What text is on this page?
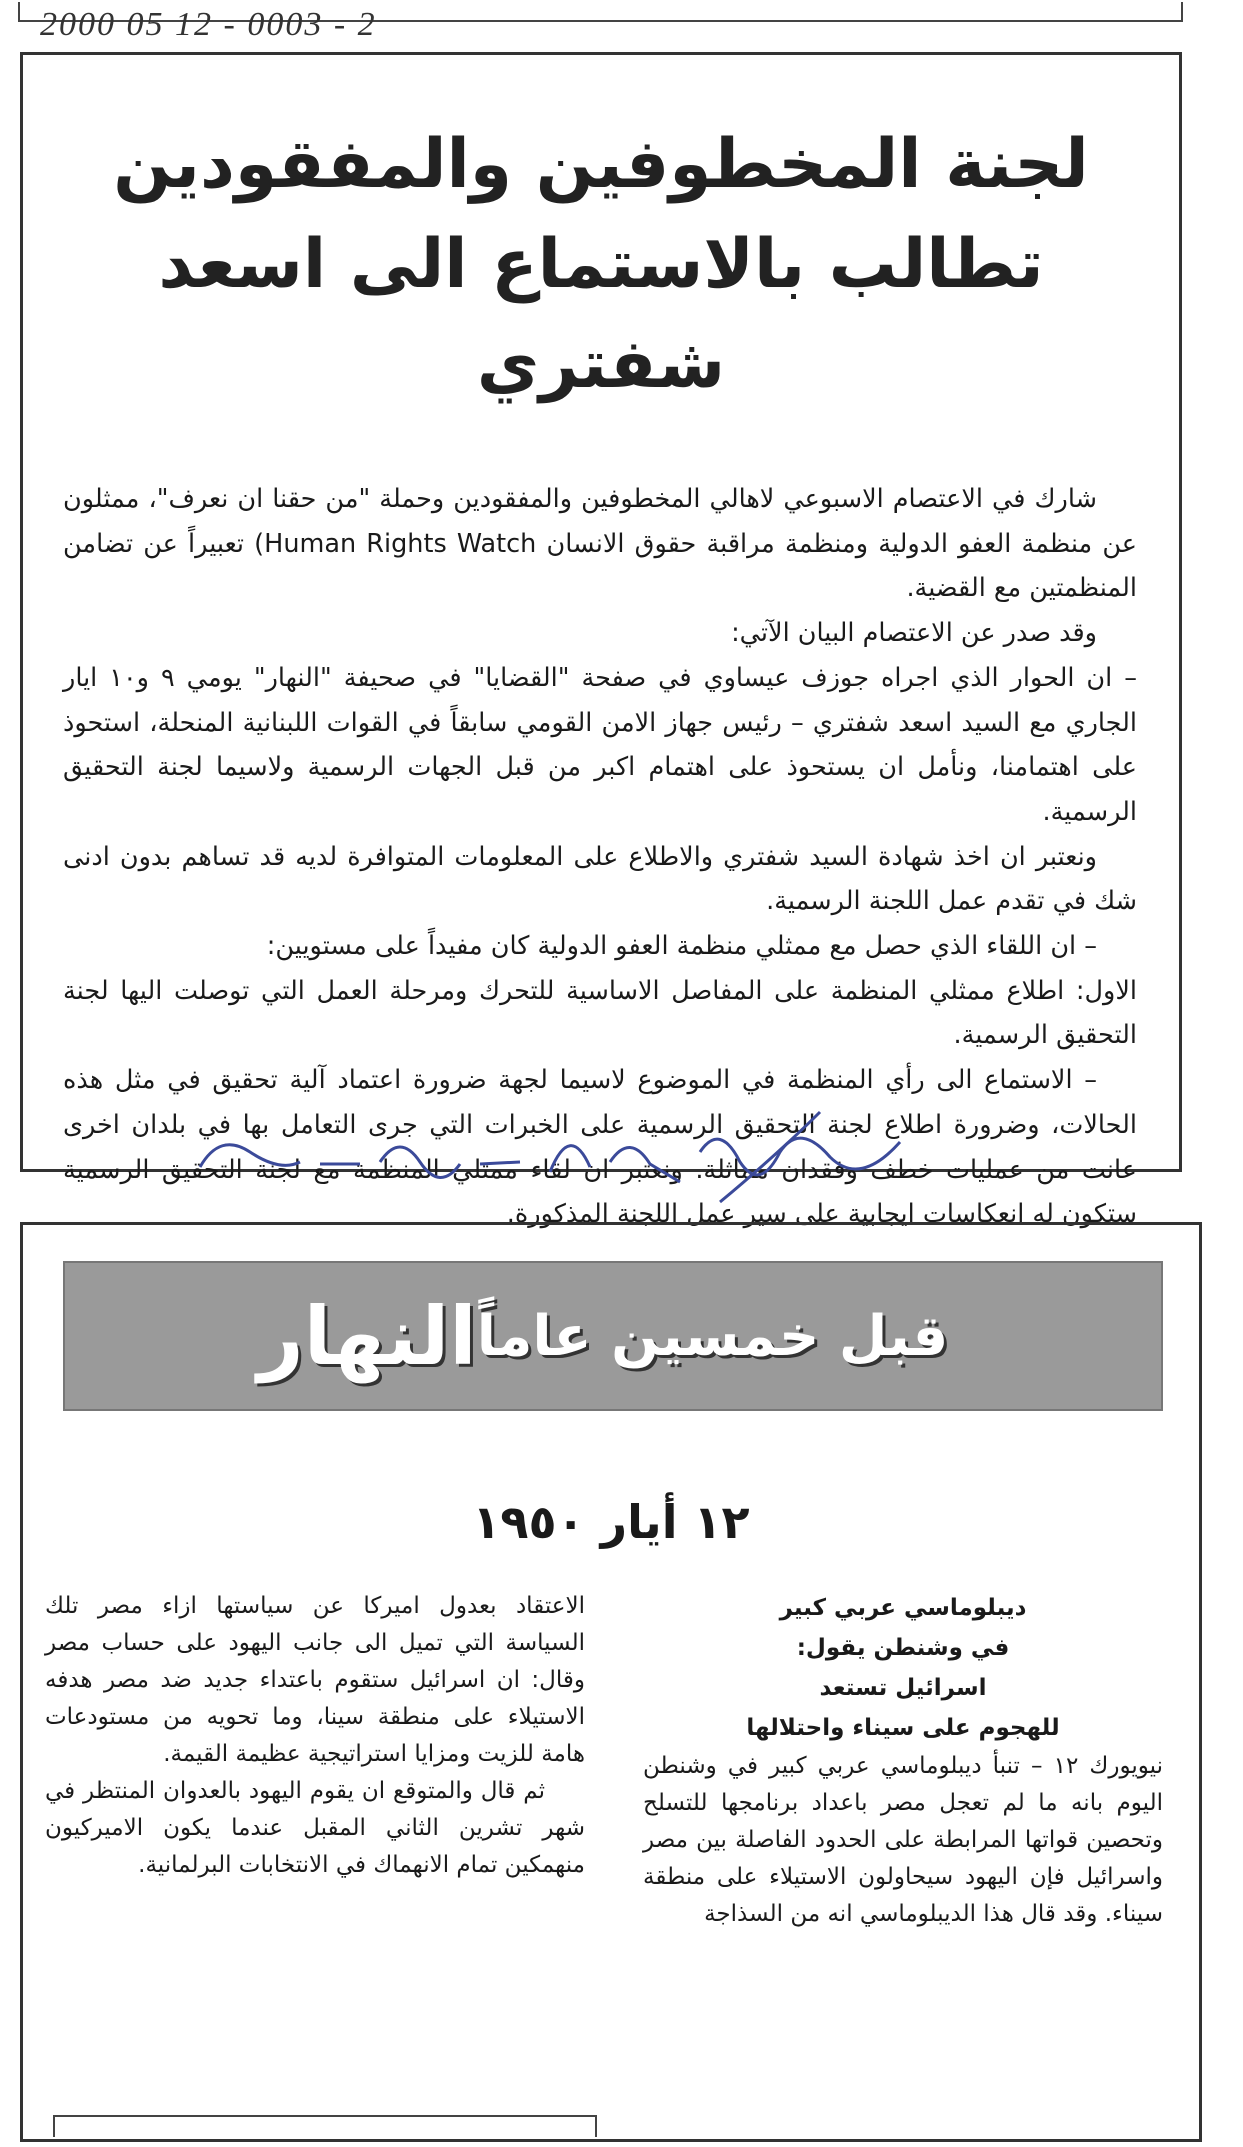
2000 05 12 - 0003 - 2
لجنة المخطوفين والمفقودين
تطالب بالاستماع الى اسعد شفتري

شارك في الاعتصام الاسبوعي لاهالي المخطوفين والمفقودين وحملة "من حقنا ان نعرف"، ممثلون عن منظمة العفو الدولية ومنظمة مراقبة حقوق الانسان Human Rights Watch) تعبيراً عن تضامن المنظمتين مع القضية.

وقد صدر عن الاعتصام البيان الآتي:

– ان الحوار الذي اجراه جوزف عيساوي في صفحة "القضايا" في صحيفة "النهار" يومي ٩ و١٠ ايار الجاري مع السيد اسعد شفتري – رئيس جهاز الامن القومي سابقاً في القوات اللبنانية المنحلة، استحوذ على اهتمامنا، ونأمل ان يستحوذ على اهتمام اكبر من قبل الجهات الرسمية ولاسيما لجنة التحقيق الرسمية.

ونعتبر ان اخذ شهادة السيد شفتري والاطلاع على المعلومات المتوافرة لديه قد تساهم بدون ادنى شك في تقدم عمل اللجنة الرسمية.

– ان اللقاء الذي حصل مع ممثلي منظمة العفو الدولية كان مفيداً على مستويين:

الاول: اطلاع ممثلي المنظمة على المفاصل الاساسية للتحرك ومرحلة العمل التي توصلت اليها لجنة التحقيق الرسمية.

– الاستماع الى رأي المنظمة في الموضوع لاسيما لجهة ضرورة اعتماد آلية تحقيق في مثل هذه الحالات، وضرورة اطلاع لجنة التحقيق الرسمية على الخبرات التي جرى التعامل بها في بلدان اخرى عانت من عمليات خطف وفقدان مماثلة. ونعتبر ان لقاء ممثلي المنظمة مع لجنة التحقيق الرسمية ستكون له انعكاسات ايجابية على سير عمل اللجنة المذكورة.

النهار قبل خمسين عاماً
١٢ أيار ١٩٥٠

ديبلوماسي عربي كبير

في وشنطن يقول:

اسرائيل تستعد

للهجوم على سيناء واحتلالها

نيويورك ١٢ – تنبأ ديبلوماسي عربي كبير في وشنطن اليوم بانه ما لم تعجل مصر باعداد برنامجها للتسلح وتحصين قواتها المرابطة على الحدود الفاصلة بين مصر واسرائيل فإن اليهود سيحاولون الاستيلاء على منطقة سيناء. وقد قال هذا الديبلوماسي انه من السذاجة

الاعتقاد بعدول اميركا عن سياستها ازاء مصر تلك السياسة التي تميل الى جانب اليهود على حساب مصر وقال: ان اسرائيل ستقوم باعتداء جديد ضد مصر هدفه الاستيلاء على منطقة سينا، وما تحويه من مستودعات هامة للزيت ومزايا استراتيجية عظيمة القيمة.

ثم قال والمتوقع ان يقوم اليهود بالعدوان المنتظر في شهر تشرين الثاني المقبل عندما يكون الاميركيون منهمكين تمام الانهماك في الانتخابات البرلمانية.
